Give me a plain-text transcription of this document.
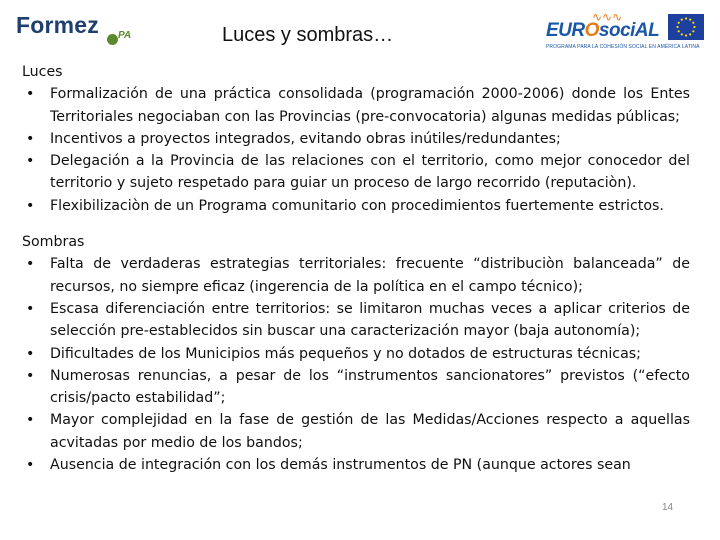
Formez PA	Luces y sombras…
∿∿∿
EUROsociAL
PROGRAMA PARA LA COHESIÓN SOCIAL EN AMÉRICA LATINA

Luces

• Formalización de una práctica consolidada (programación 2000-2006) donde los Entes Territoriales negociaban con las Provincias (pre-convocatoria) algunas medidas públicas;
• Incentivos a proyectos integrados, evitando obras inútiles/redundantes;
• Delegación a la Provincia de las relaciones con el territorio, como mejor conocedor del territorio y sujeto respetado para guiar un proceso de largo recorrido (reputaciòn).
• Flexibilizaciòn de un Programa comunitario con procedimientos fuertemente estrictos.

Sombras

• Falta de verdaderas estrategias territoriales: frecuente “distribuciòn balanceada” de recursos, no siempre eficaz (ingerencia de la política en el campo técnico);
• Escasa diferenciación entre territorios: se limitaron muchas veces a aplicar criterios de selección pre-establecidos sin buscar una caracterización mayor (baja autonomía);
• Dificultades de los Municipios más pequeños y no dotados de estructuras técnicas;
• Numerosas renuncias, a pesar de los “instrumentos sancionatores” previstos (“efecto crisis/pacto estabilidad”;
• Mayor complejidad en la fase de gestión de las Medidas/Acciones respecto a aquellas acvitadas por medio de los bandos;
• Ausencia de integración con los demás instrumentos de PN (aunque actores sean
14
